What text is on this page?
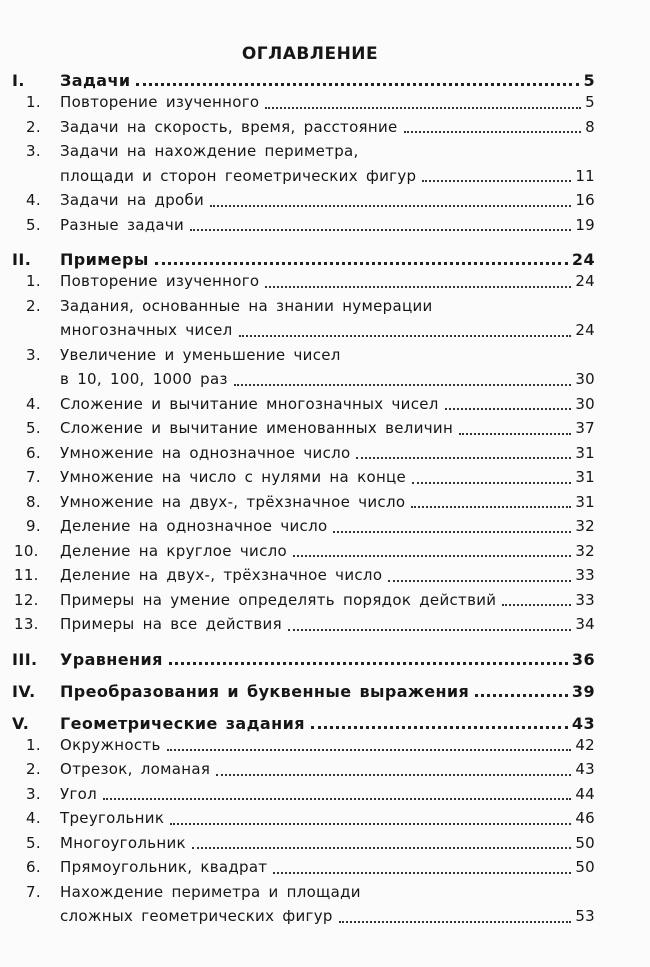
ОГЛАВЛЕНИЕ
I.	Задачи	5
1.	Повторение изученного	5
2.	Задачи на скорость, время, расстояние	8
3.	Задачи на нахождение периметра,
площади и сторон геометрических фигур	11
4.	Задачи на дроби	16
5.	Разные задачи	19
II.	Примеры	24
1.	Повторение изученного	24
2.	Задания, основанные на знании нумерации
многозначных чисел	24
3.	Увеличение и уменьшение чисел
в 10, 100, 1000 раз	30
4.	Сложение и вычитание многозначных чисел	30
5.	Сложение и вычитание именованных величин	37
6.	Умножение на однозначное число	31
7.	Умножение на число с нулями на конце	31
8.	Умножение на двух-, трёхзначное число	31
9.	Деление на однозначное число	32
10.	Деление на круглое число	32
11.	Деление на двух-, трёхзначное число	33
12.	Примеры на умение определять порядок действий	33
13.	Примеры на все действия	34
III.	Уравнения	36
IV.	Преобразования и буквенные выражения	39
V.	Геометрические задания	43
1.	Окружность	42
2.	Отрезок, ломаная	43
3.	Угол	44
4.	Треугольник	46
5.	Многоугольник	50
6.	Прямоугольник, квадрат	50
7.	Нахождение периметра и площади
сложных геометрических фигур	53
